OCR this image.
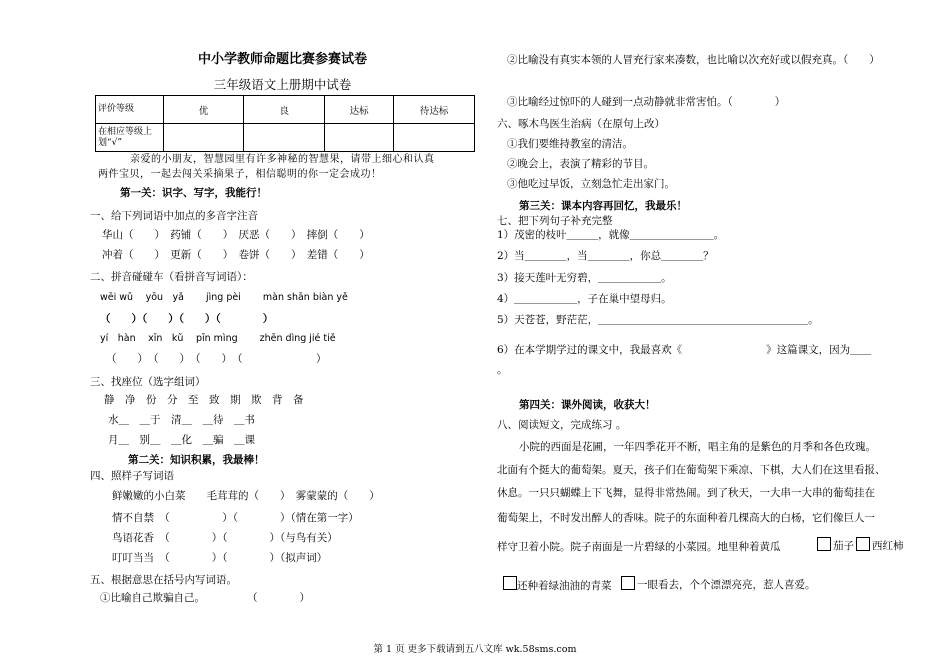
中小学教师命题比赛参赛试卷
三年级语文上册期中试卷
评价等级	优	良	达标	待达标
在相应等级上划“√”				
亲爱的小朋友，智慧园里有许多神秘的智慧果，请带上细心和认真
两件宝贝，一起去闯关采摘果子，相信聪明的你一定会成功！
第一关：识字、写字，我能行！
一、给下列词语中加点的多音字注音
华山（　　）　药铺（　　）　厌恶（　　）　摔倒（　　）
冲着（　　）　更新（　　）　卷饼（　　）　差错（　　）
二、拼音碰碰车（看拼音写词语）：
wēi wǔ　 yōu　yǎ　　 jìng pèi　　 màn shān biàn yě
（　　）（　　）（　　）（　　　　）
yí　hàn　 xīn　kǔ　 pīn mìng　　 zhēn dìng jié tiě
（　　）　（　　）　（　　）　（　　　　　　　）
三、找座位（选字组词）
静　净　份　分　至　致　期　欺　背　备
水＿　＿于　清＿　＿待　＿书
月＿　别＿　＿化　＿骗　＿课
第二关：知识积累，我最棒！
四、照样子写词语
鲜嫩嫩的小白菜　　毛茸茸的（　　）　雾蒙蒙的（　　）
情不自禁　（　　　　　）（　　　　）（情在第一字）
鸟语花香　（　　　　）（　　　　）（与鸟有关）
叮叮当当　（　　　　）（　　　　）（拟声词）
五、根据意思在括号内写词语。
①比喻自己欺骗自己。　　　　　（　　　　）
②比喻没有真实本领的人冒充行家来凑数，也比喻以次充好或以假充真。（　　）
③比喻经过惊吓的人碰到一点动静就非常害怕。（　　　　）
六、啄木鸟医生治病（在原句上改）
①我们要维持教室的清洁。
②晚会上，表演了精彩的节目。
③他吃过早饭，立刻急忙走出家门。
第三关：课本内容再回忆，我最乐！
七、把下列句子补充完整
1）茂密的枝叶＿＿＿，就像＿＿＿＿＿＿＿＿。
2）当＿＿＿＿，当＿＿＿＿，你总＿＿＿＿？
3）接天莲叶无穷碧，＿＿＿＿＿＿。
4）＿＿＿＿＿＿，子在巢中望母归。
5）天苍苍，野茫茫，＿＿＿＿＿＿＿＿＿＿＿＿＿＿＿＿＿＿＿＿。
6）在本学期学过的课文中，我最喜欢《　　　　　　　　》这篇课文，因为＿＿
。
第四关：课外阅读，收获大！
八、阅读短文，完成练习 。
小院的西面是花圃，一年四季花开不断，唱主角的是紫色的月季和各色玫瑰。
北面有个挺大的葡萄架。夏天，孩子们在葡萄架下乘凉、下棋，大人们在这里看报、
休息。一只只蝴蝶上下飞舞，显得非常热闹。到了秋天，一大串一大串的葡萄挂在
葡萄架上，不时发出醉人的香味。院子的东面种着几棵高大的白杨，它们像巨人一
样守卫着小院。院子南面是一片碧绿的小菜园。地里种着黄瓜
还种着绿油油的青菜
茄子 西红柿
一眼看去，个个漂漂亮亮，惹人喜爱。
第 1 页 更多下载请到五八文库 wk.58sms.com
